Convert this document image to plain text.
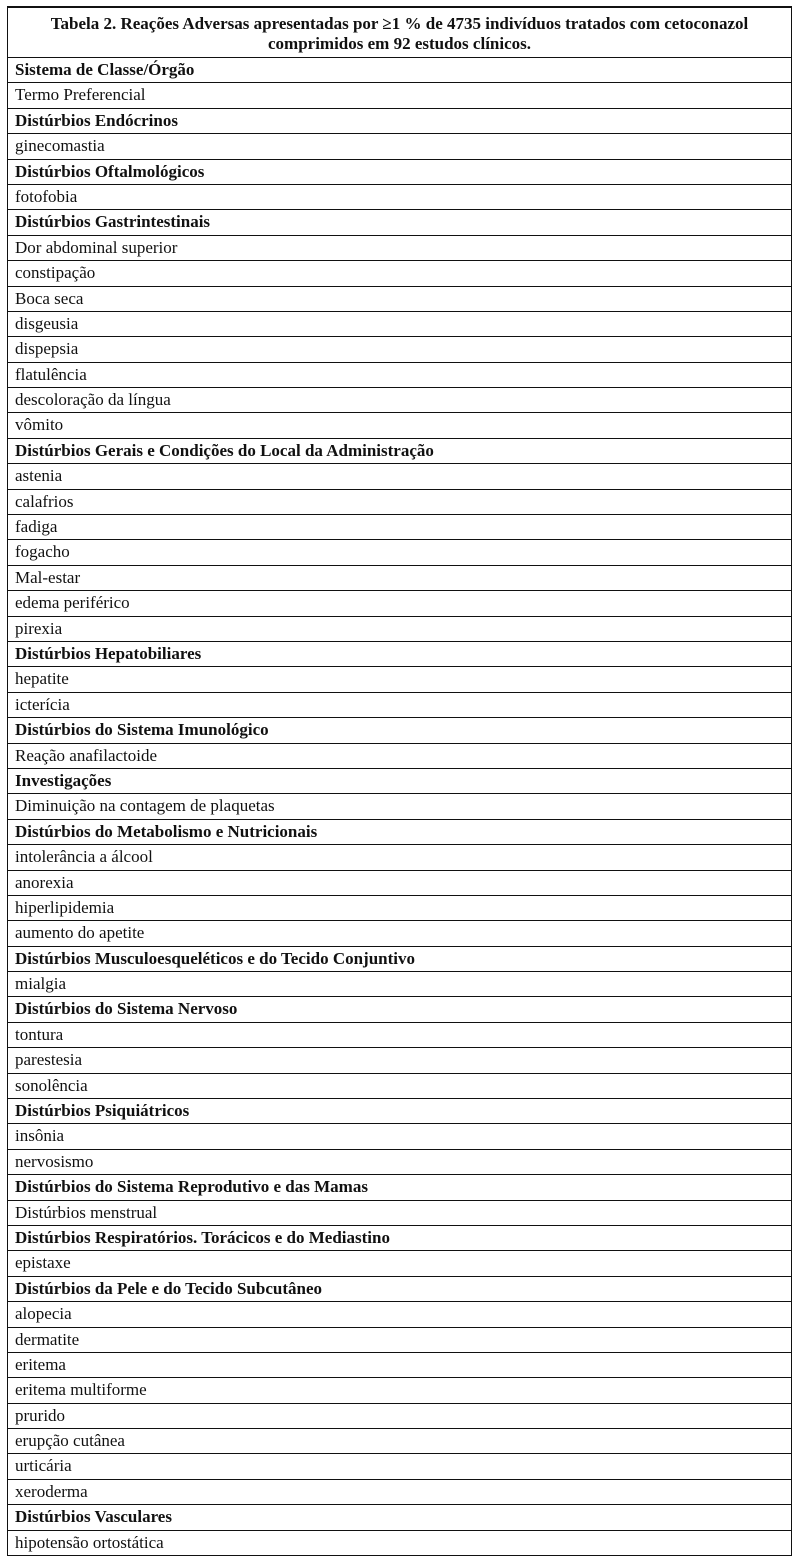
Tabela 2. Reações Adversas apresentadas por ≥1 % de 4735 indivíduos tratados com cetoconazol comprimidos em 92 estudos clínicos.
Sistema de Classe/Órgão
Termo Preferencial
Distúrbios Endócrinos
ginecomastia
Distúrbios Oftalmológicos
fotofobia
Distúrbios Gastrintestinais
Dor abdominal superior
constipação
Boca seca
disgeusia
dispepsia
flatulência
descoloração da língua
vômito
Distúrbios Gerais e Condições do Local da Administração
astenia
calafrios
fadiga
fogacho
Mal-estar
edema periférico
pirexia
Distúrbios Hepatobiliares
hepatite
icterícia
Distúrbios do Sistema Imunológico
Reação anafilactoide
Investigações
Diminuição na contagem de plaquetas
Distúrbios do Metabolismo e Nutricionais
intolerância a álcool
anorexia
hiperlipidemia
aumento do apetite
Distúrbios Musculoesqueléticos e do Tecido Conjuntivo
mialgia
Distúrbios do Sistema Nervoso
tontura
parestesia
sonolência
Distúrbios Psiquiátricos
insônia
nervosismo
Distúrbios do Sistema Reprodutivo e das Mamas
Distúrbios menstrual
Distúrbios Respiratórios. Torácicos e do Mediastino
epistaxe
Distúrbios da Pele e do Tecido Subcutâneo
alopecia
dermatite
eritema
eritema multiforme
prurido
erupção cutânea
urticária
xeroderma
Distúrbios Vasculares
hipotensão ortostática
